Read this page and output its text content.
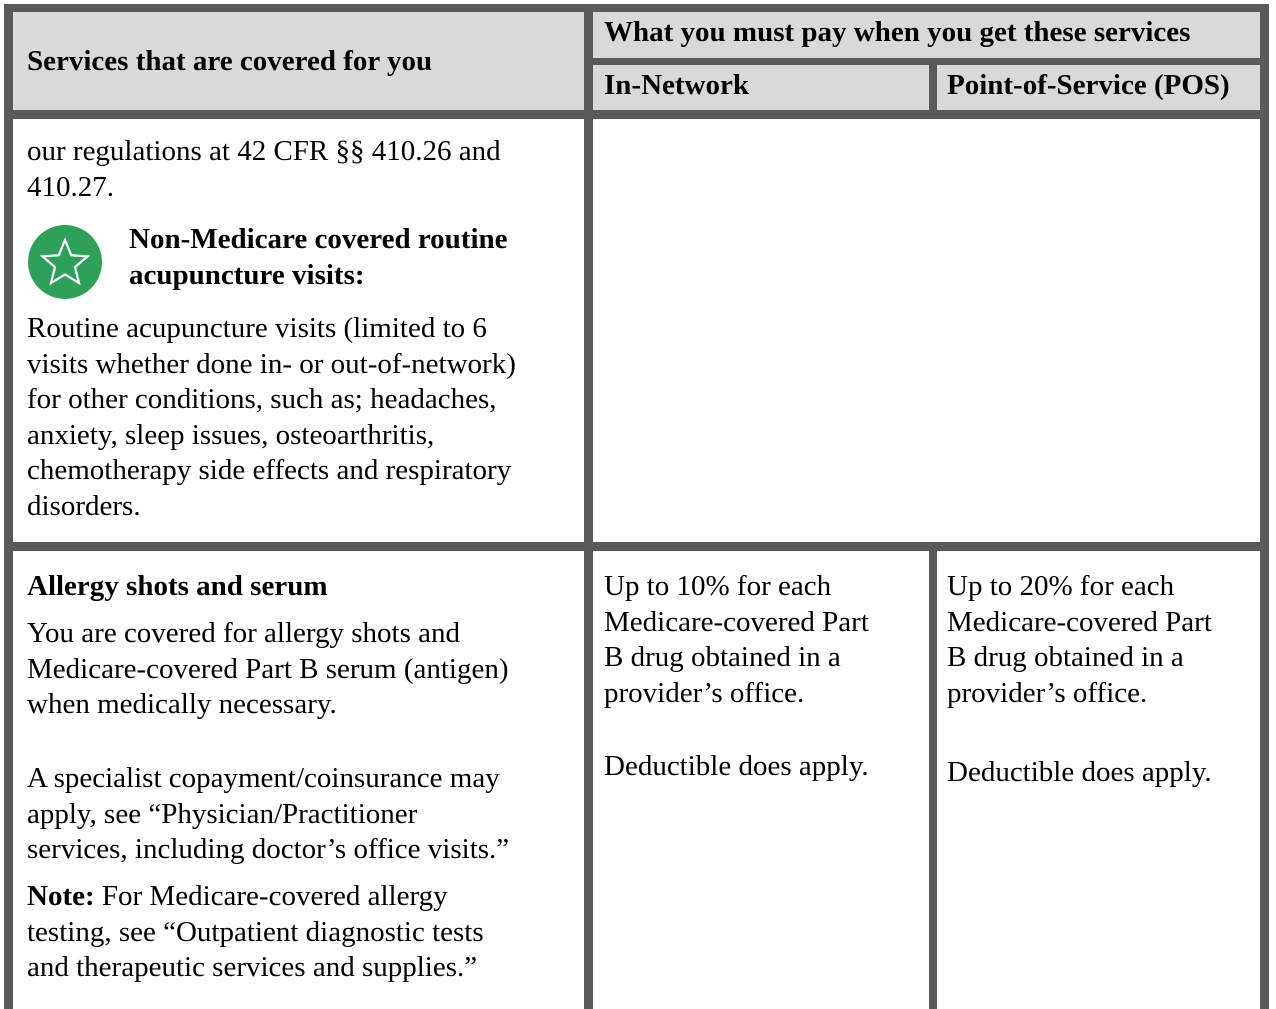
Services that are covered for you
What you must pay when you get these services
In-Network	Point-of-Service (POS)
our regulations at 42 CFR §§ 410.26 and
410.27.
Non-Medicare covered routine
acupuncture visits:
Routine acupuncture visits (limited to 6
visits whether done in- or out-of-network)
for other conditions, such as; headaches,
anxiety, sleep issues, osteoarthritis,
chemotherapy side effects and respiratory
disorders.
Allergy shots and serum
You are covered for allergy shots and
Medicare-covered Part B serum (antigen)
when medically necessary.
A specialist copayment/coinsurance may
apply, see “Physician/Practitioner
services, including doctor’s office visits.”
Note: For Medicare-covered allergy
testing, see “Outpatient diagnostic tests
and therapeutic services and supplies.”
Up to 10% for each
Medicare-covered Part
B drug obtained in a
provider’s office.
Deductible does apply.
Up to 20% for each
Medicare-covered Part
B drug obtained in a
provider’s office.
Deductible does apply.
